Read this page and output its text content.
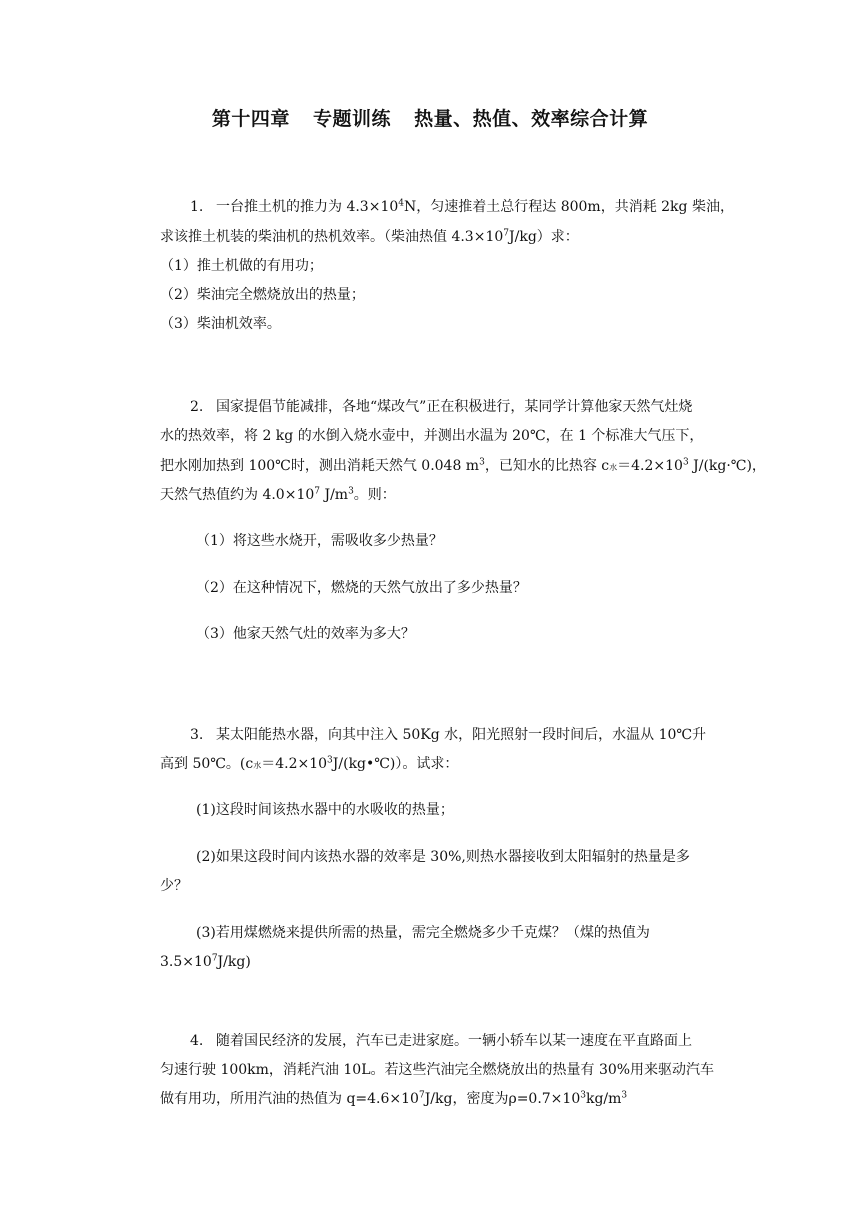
第十四章 专题训练 热量、热值、效率综合计算
1. 一台推土机的推力为 $4.3\times 10^4N$，匀速推着土总行程达 800m，共消耗 2kg 柴油，
求该推土机装的柴油机的热机效率。（柴油热值 $4.3\times 10^7J/kg$）求：
（1）推土机做的有用功；
（2）柴油完全燃烧放出的热量；
（3）柴油机效率。
2. 国家提倡节能减排，各地“煤改气”正在积极进行，某同学计算他家天然气灶烧
水的热效率，将 2 kg 的水倒入烧水壶中，并测出水温为 20℃，在 1 个标准大气压下，
把水刚加热到 100℃时，测出消耗天然气 0.048 $m^3$，已知水的比热容 c水$=4.2\times 10^3$ J/(kg·℃)，
天然气热值约为 $4.0\times 10^7$ $J/m^3$。则：
（1）将这些水烧开，需吸收多少热量？
（2）在这种情况下，燃烧的天然气放出了多少热量？
（3）他家天然气灶的效率为多大？
3. 某太阳能热水器，向其中注入 50Kg 水，阳光照射一段时间后，水温从 10℃升
高到 50℃。(c水$=4.2\times 10^3J/(kg•℃)$）。试求：
(1)这段时间该热水器中的水吸收的热量；
(2)如果这段时间内该热水器的效率是 30%,则热水器接收到太阳辐射的热量是多
少？
(3)若用煤燃烧来提供所需的热量，需完全燃烧多少千克煤？（煤的热值为
$3.5\times 10^7J/kg$)
4. 随着国民经济的发展，汽车已走进家庭。一辆小轿车以某一速度在平直路面上
匀速行驶 100km，消耗汽油 10L。若这些汽油完全燃烧放出的热量有 30%用来驱动汽车
做有用功，所用汽油的热值为 $q=4.6\times 10^7J/kg$，密度为$\rho=0.7\times 10^3kg/m^3$
